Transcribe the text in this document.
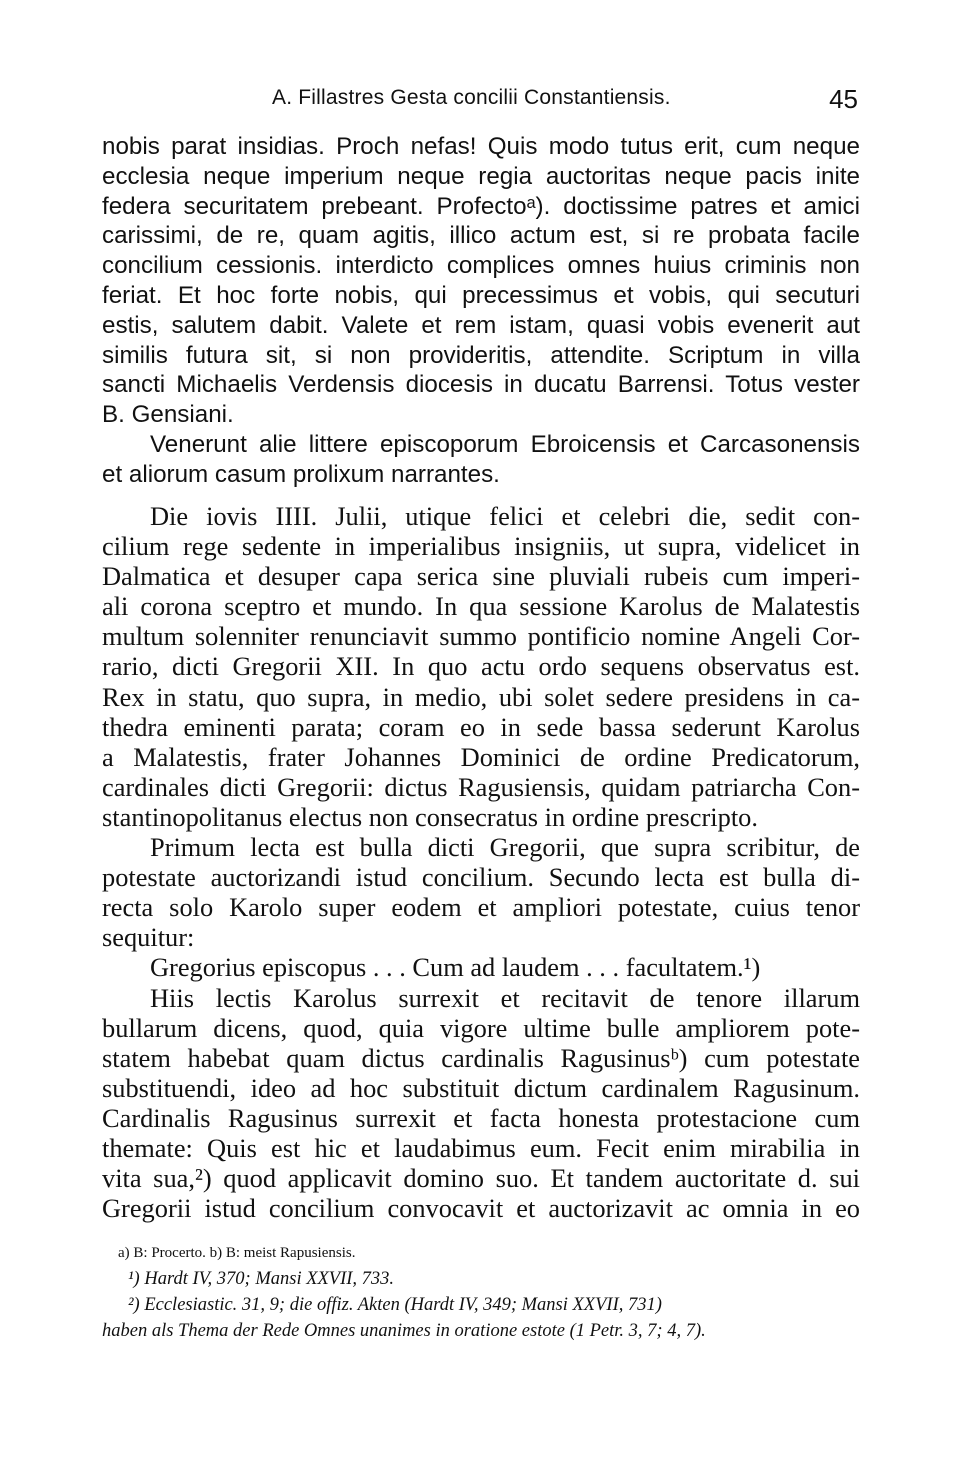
A. Fillastres Gesta concilii Constantiensis.	45
nobis parat insidias. Proch nefas! Quis modo tutus erit, cum neque
ecclesia neque imperium neque regia auctoritas neque pacis inite
federa securitatem prebeant. Profectoᵃ). doctissime patres et amici
carissimi, de re, quam agitis, illico actum est, si re probata facile
concilium cessionis. interdicto complices omnes huius criminis non
feriat. Et hoc forte nobis, qui precessimus et vobis, qui secuturi
estis, salutem dabit. Valete et rem istam, quasi vobis evenerit aut
similis futura sit, si non provideritis, attendite. Scriptum in villa
sancti Michaelis Verdensis diocesis in ducatu Barrensi. Totus vester
B. Gensiani.
Venerunt alie littere episcoporum Ebroicensis et Carcasonensis
et aliorum casum prolixum narrantes.
Die iovis IIII. Julii, utique felici et celebri die, sedit con-
cilium rege sedente in imperialibus insigniis, ut supra, videlicet in
Dalmatica et desuper capa serica sine pluviali rubeis cum imperi-
ali corona sceptro et mundo. In qua sessione Karolus de Malatestis
multum solenniter renunciavit summo pontificio nomine Angeli Cor-
rario, dicti Gregorii XII. In quo actu ordo sequens observatus est.
Rex in statu, quo supra, in medio, ubi solet sedere presidens in ca-
thedra eminenti parata; coram eo in sede bassa sederunt Karolus
a Malatestis, frater Johannes Dominici de ordine Predicatorum,
cardinales dicti Gregorii: dictus Ragusiensis, quidam patriarcha Con-
stantinopolitanus electus non consecratus in ordine prescripto.
Primum lecta est bulla dicti Gregorii, que supra scribitur, de
potestate auctorizandi istud concilium. Secundo lecta est bulla di-
recta solo Karolo super eodem et ampliori potestate, cuius tenor
sequitur:
Gregorius episcopus . . . Cum ad laudem . . . facultatem.¹)
Hiis lectis Karolus surrexit et recitavit de tenore illarum
bullarum dicens, quod, quia vigore ultime bulle ampliorem pote-
statem habebat quam dictus cardinalis Ragusinusᵇ) cum potestate
substituendi, ideo ad hoc substituit dictum cardinalem Ragusinum.
Cardinalis Ragusinus surrexit et facta honesta protestacione cum
themate: Quis est hic et laudabimus eum. Fecit enim mirabilia in
vita sua,²) quod applicavit domino suo. Et tandem auctoritate d. sui
Gregorii istud concilium convocavit et auctorizavit ac omnia in eo
a) B: Procerto. b) B: meist Rapusiensis.
¹) Hardt IV, 370; Mansi XXVII, 733.
²) Ecclesiastic. 31, 9; die offiz. Akten (Hardt IV, 349; Mansi XXVII, 731)
haben als Thema der Rede Omnes unanimes in oratione estote (1 Petr. 3, 7; 4, 7).
